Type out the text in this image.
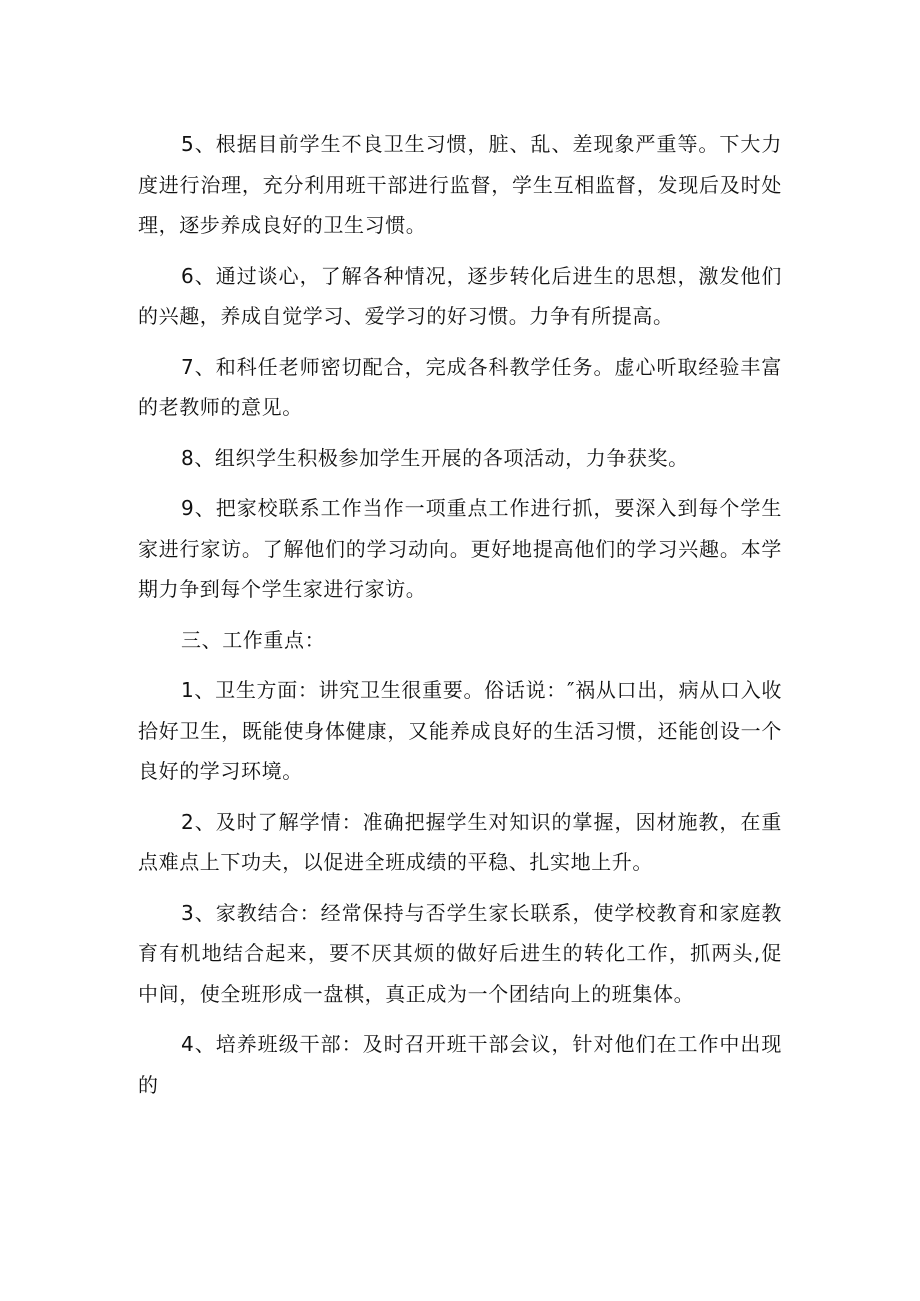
5、根据目前学生不良卫生习惯，脏、乱、差现象严重等。下大力度进行治理，充分利用班干部进行监督，学生互相监督，发现后及时处理，逐步养成良好的卫生习惯。

6、通过谈心，了解各种情况，逐步转化后进生的思想，激发他们的兴趣，养成自觉学习、爱学习的好习惯。力争有所提高。

7、和科任老师密切配合，完成各科教学任务。虚心听取经验丰富的老教师的意见。

8、组织学生积极参加学生开展的各项活动，力争获奖。

9、把家校联系工作当作一项重点工作进行抓，要深入到每个学生家进行家访。了解他们的学习动向。更好地提高他们的学习兴趣。本学期力争到每个学生家进行家访。

三、工作重点：

1、卫生方面：讲究卫生很重要。俗话说：″祸从口出，病从口入收拾好卫生，既能使身体健康，又能养成良好的生活习惯，还能创设一个良好的学习环境。

2、及时了解学情：准确把握学生对知识的掌握，因材施教，在重点难点上下功夫，以促进全班成绩的平稳、扎实地上升。

3、家教结合：经常保持与否学生家长联系，使学校教育和家庭教育有机地结合起来，要不厌其烦的做好后进生的转化工作，抓两头,促中间，使全班形成一盘棋，真正成为一个团结向上的班集体。

4、培养班级干部：及时召开班干部会议，针对他们在工作中出现的
